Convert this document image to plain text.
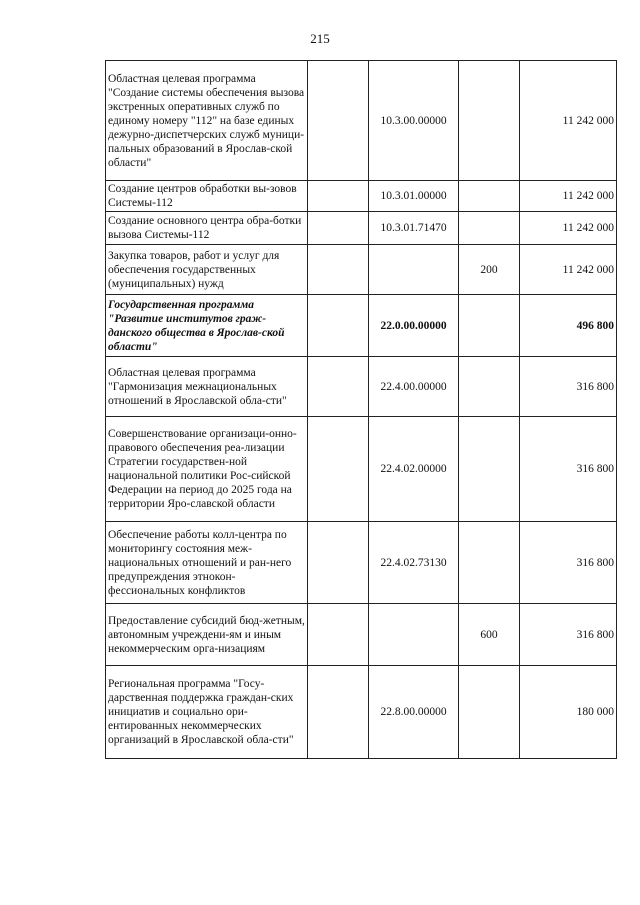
215
Областная целевая программа "Создание системы обеспечения вызова экстренных оперативных служб по единому номеру "112" на базе единых дежурно-диспетчерских служб муници-пальных образований в Ярослав-ской области"		10.3.00.00000		11 242 000
Создание центров обработки вы-зовов Системы-112		10.3.01.00000		11 242 000
Создание основного центра обра-ботки вызова Системы-112		10.3.01.71470		11 242 000
Закупка товаров, работ и услуг для обеспечения государственных (муниципальных) нужд			200	11 242 000
Государственная программа "Развитие институтов граж-данского общества в Ярослав-ской области"		22.0.00.00000		496 800
Областная целевая программа "Гармонизация межнациональных отношений в Ярославской обла-сти"		22.4.00.00000		316 800
Совершенствование организаци-онно-правового обеспечения реа-лизации Стратегии государствен-ной национальной политики Рос-сийской Федерации на период до 2025 года на территории Яро-славской области		22.4.02.00000		316 800
Обеспечение работы колл-центра по мониторингу состояния меж-национальных отношений и ран-него предупреждения этнокон-фессиональных конфликтов		22.4.02.73130		316 800
Предоставление субсидий бюд-жетным, автономным учреждени-ям и иным некоммерческим орга-низациям			600	316 800
Региональная программа "Госу-дарственная поддержка граждан-ских инициатив и социально ори-ентированных некоммерческих организаций в Ярославской обла-сти"		22.8.00.00000		180 000
